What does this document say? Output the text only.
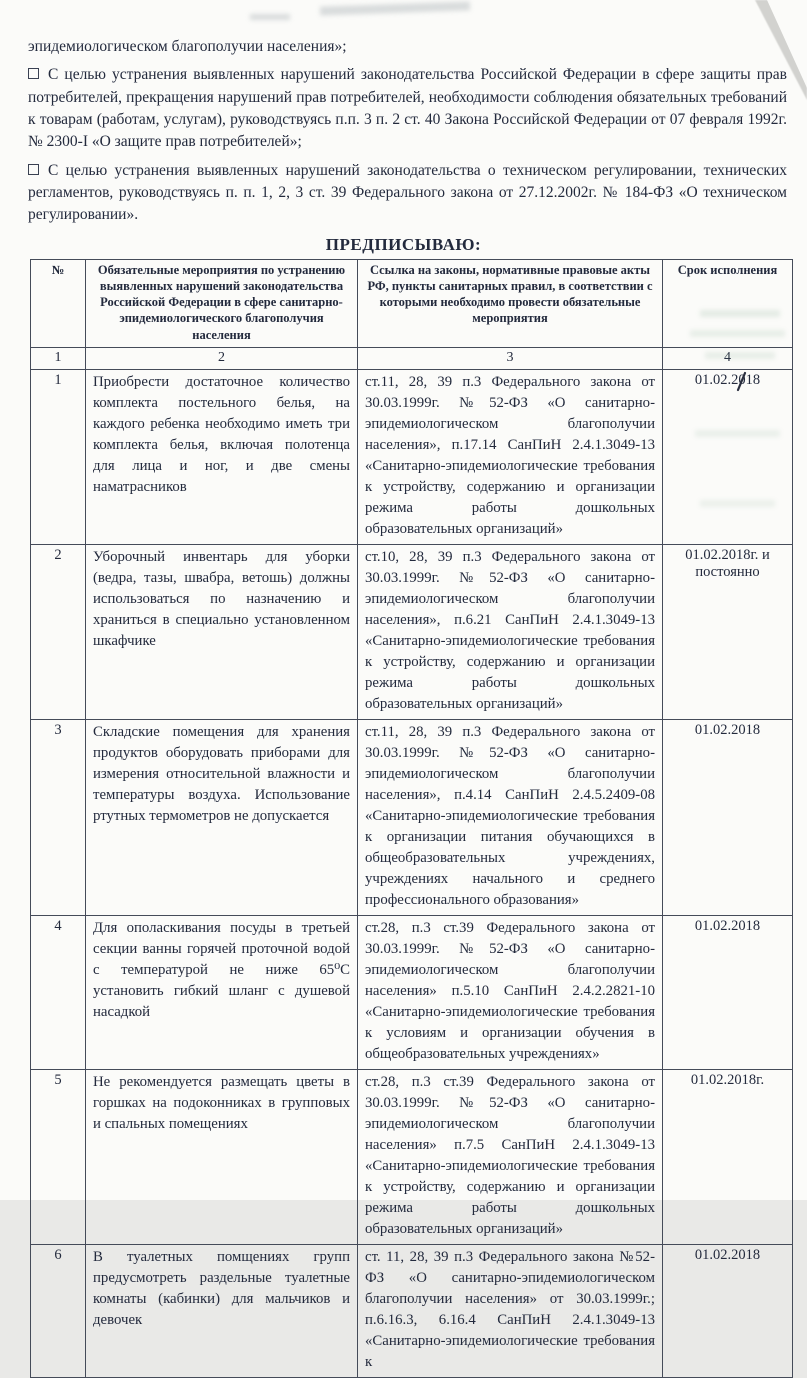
эпидемиологическом благополучии населения»;

С целью устранения выявленных нарушений законодательства Российской Федерации в сфере защиты прав потребителей, прекращения нарушений прав потребителей, необходимости соблюдения обязательных требований к товарам (работам, услугам), руководствуясь п.п. 3 п. 2 ст. 40 Закона Российской Федерации от 07 февраля 1992г. № 2300-I «О защите прав потребителей»;

С целью устранения выявленных нарушений законодательства о техническом регулировании, технических регламентов, руководствуясь п. п. 1, 2, 3 ст. 39 Федерального закона от 27.12.2002г. № 184-ФЗ «О техническом регулировании».

ПРЕДПИСЫВАЮ:
№	Обязательные мероприятия по устранению выявленных нарушений законодательства Российской Федерации в сфере санитарно-эпидемиологического благополучия населения	Ссылка на законы, нормативные правовые акты РФ, пункты санитарных правил, в соответствии с которыми необходимо провести обязательные мероприятия	Срок исполнения
1	2	3	4
1	Приобрести достаточное количество комплекта постельного белья, на каждого ребенка необходимо иметь три комплекта белья, включая полотенца для лица и ног, и две смены наматрасников	ст.11, 28, 39 п.3 Федерального закона от 30.03.1999г. №52-ФЗ «О санитарно-эпидемиологическом благополучии населения», п.17.14 СанПиН 2.4.1.3049-13 «Санитарно-эпидемиологические требования к устройству, содержанию и организации режима работы дошкольных образовательных организаций»	01.02.2018

2	Уборочный инвентарь для уборки (ведра, тазы, швабра, ветошь) должны использоваться по назначению и храниться в специально установленном шкафчике	ст.10, 28, 39 п.3 Федерального закона от 30.03.1999г. №52-ФЗ «О санитарно-эпидемиологическом благополучии населения», п.6.21 СанПиН 2.4.1.3049-13 «Санитарно-эпидемиологические требования к устройству, содержанию и организации режима работы дошкольных образовательных организаций»	01.02.2018г. и постоянно
3	Складские помещения для хранения продуктов оборудовать приборами для измерения относительной влажности и температуры воздуха. Использование ртутных термометров не допускается	ст.11, 28, 39 п.3 Федерального закона от 30.03.1999г. №52-ФЗ «О санитарно-эпидемиологическом благополучии населения», п.4.14 СанПиН 2.4.5.2409-08 «Санитарно-эпидемиологические требования к организации питания обучающихся в общеобразовательных учреждениях, учреждениях начального и среднего профессионального образования»	01.02.2018
4	Для ополаскивания посуды в третьей секции ванны горячей проточной водой с температурой не ниже 65⁰С установить гибкий шланг с душевой насадкой	ст.28, п.3 ст.39 Федерального закона от 30.03.1999г. №52-ФЗ «О санитарно-эпидемиологическом благополучии населения» п.5.10 СанПиН 2.4.2.2821-10 «Санитарно-эпидемиологические требования к условиям и организации обучения в общеобразовательных учреждениях»	01.02.2018
5	Не рекомендуется размещать цветы в горшках на подоконниках в групповых и спальных помещениях	ст.28, п.3 ст.39 Федерального закона от 30.03.1999г. №52-ФЗ «О санитарно-эпидемиологическом благополучии населения» п.7.5 СанПиН 2.4.1.3049-13 «Санитарно-эпидемиологические требования к устройству, содержанию и организации режима работы дошкольных образовательных организаций»	01.02.2018г.
6	В туалетных помщениях групп предусмотреть раздельные туалетные комнаты (кабинки) для мальчиков и девочек	ст. 11, 28, 39 п.3 Федерального закона №52-ФЗ «О санитарно-эпидемиологическом благополучии населения» от 30.03.1999г.; п.6.16.3, 6.16.4 СанПиН 2.4.1.3049-13 «Санитарно-эпидемиологические требования к	01.02.2018
